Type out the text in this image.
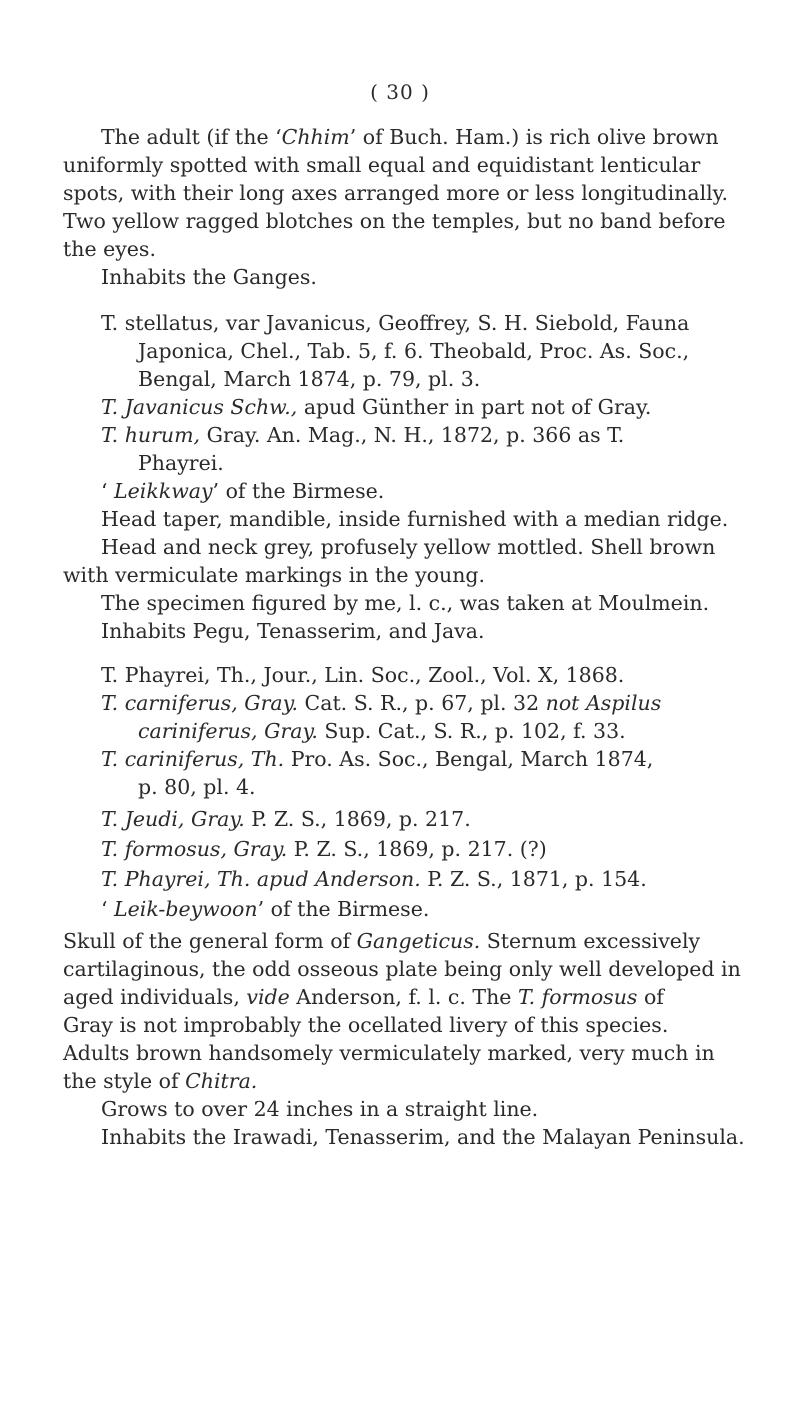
( 30 )
The adult (if the ‘Chhim’ of Buch. Ham.) is rich olive brown
uniformly spotted with small equal and equidistant lenticular
spots, with their long axes arranged more or less longitudinally.
Two yellow ragged blotches on the temples, but no band before
the eyes.
Inhabits the Ganges.
T. stellatus, var Javanicus, Geoffrey, S. H. Siebold, Fauna
Japonica, Chel., Tab. 5, f. 6. Theobald, Proc. As. Soc.,
Bengal, March 1874, p. 79, pl. 3.
T. Javanicus Schw., apud Günther in part not of Gray.
T. hurum, Gray. An. Mag., N. H., 1872, p. 366 as T.
Phayrei.
‘ Leikkway’ of the Birmese.
Head taper, mandible, inside furnished with a median ridge.
Head and neck grey, profusely yellow mottled. Shell brown
with vermiculate markings in the young.
The specimen figured by me, l. c., was taken at Moulmein.
Inhabits Pegu, Tenasserim, and Java.
T. Phayrei, Th., Jour., Lin. Soc., Zool., Vol. X, 1868.
T. carniferus, Gray. Cat. S. R., p. 67, pl. 32 not Aspilus
cariniferus, Gray. Sup. Cat., S. R., p. 102, f. 33.
T. cariniferus, Th. Pro. As. Soc., Bengal, March 1874,
p. 80, pl. 4.
T. Jeudi, Gray. P. Z. S., 1869, p. 217.
T. formosus, Gray. P. Z. S., 1869, p. 217. (?)
T. Phayrei, Th. apud Anderson. P. Z. S., 1871, p. 154.
‘ Leik-beywoon’ of the Birmese.
Skull of the general form of Gangeticus. Sternum excessively
cartilaginous, the odd osseous plate being only well developed in
aged individuals, vide Anderson, f. l. c. The T. formosus of
Gray is not improbably the ocellated livery of this species.
Adults brown handsomely vermiculately marked, very much in
the style of Chitra.
Grows to over 24 inches in a straight line.
Inhabits the Irawadi, Tenasserim, and the Malayan Peninsula.
